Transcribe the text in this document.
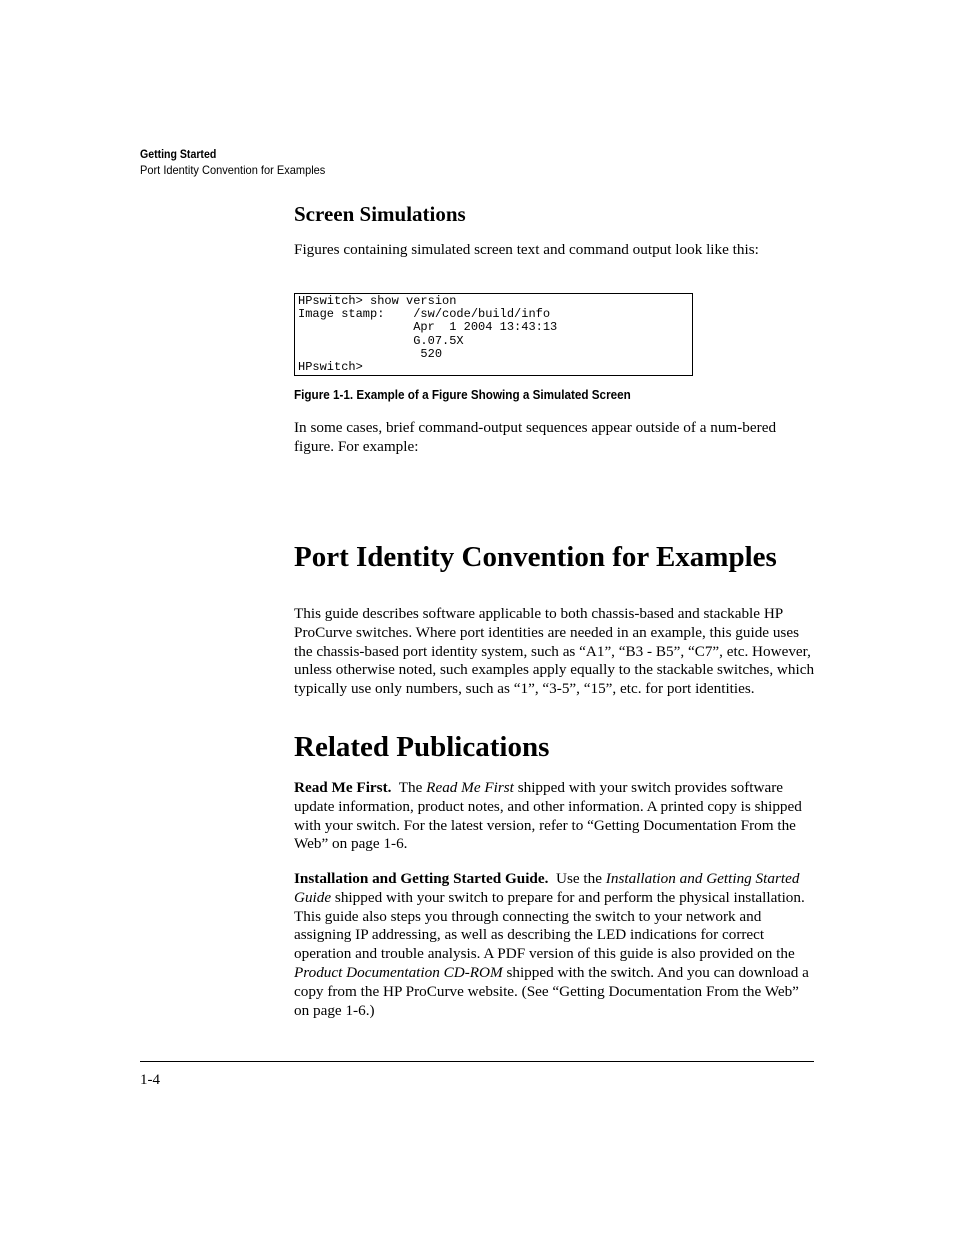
Getting Started
Port Identity Convention for Examples
Screen Simulations

Figures containing simulated screen text and command output look like this:

HPswitch> show version
Image stamp:    /sw/code/build/info
Apr  1 2004 13:43:13
G.07.5X
520
HPswitch>
Figure 1-1. Example of a Figure Showing a Simulated Screen

In some cases, brief command-output sequences appear outside of a num-bered figure. For example:

Port Identity Convention for Examples

This guide describes software applicable to both chassis-based and stackable HP ProCurve switches. Where port identities are needed in an example, this guide uses the chassis-based port identity system, such as “A1”, “B3 - B5”, “C7”, etc. However, unless otherwise noted, such examples apply equally to the stackable switches, which typically use only numbers, such as “1”, “3-5”, “15”, etc. for port identities.

Related Publications

Read Me First. The Read Me First shipped with your switch provides software update information, product notes, and other information. A printed copy is shipped with your switch. For the latest version, refer to “Getting Documentation From the Web” on page 1-6.

Installation and Getting Started Guide. Use the Installation and Getting Started Guide shipped with your switch to prepare for and perform the physical installation. This guide also steps you through connecting the switch to your network and assigning IP addressing, as well as describing the LED indications for correct operation and trouble analysis. A PDF version of this guide is also provided on the Product Documentation CD-ROM shipped with the switch. And you can download a copy from the HP ProCurve website. (See “Getting Documentation From the Web” on page 1-6.)

1-4
